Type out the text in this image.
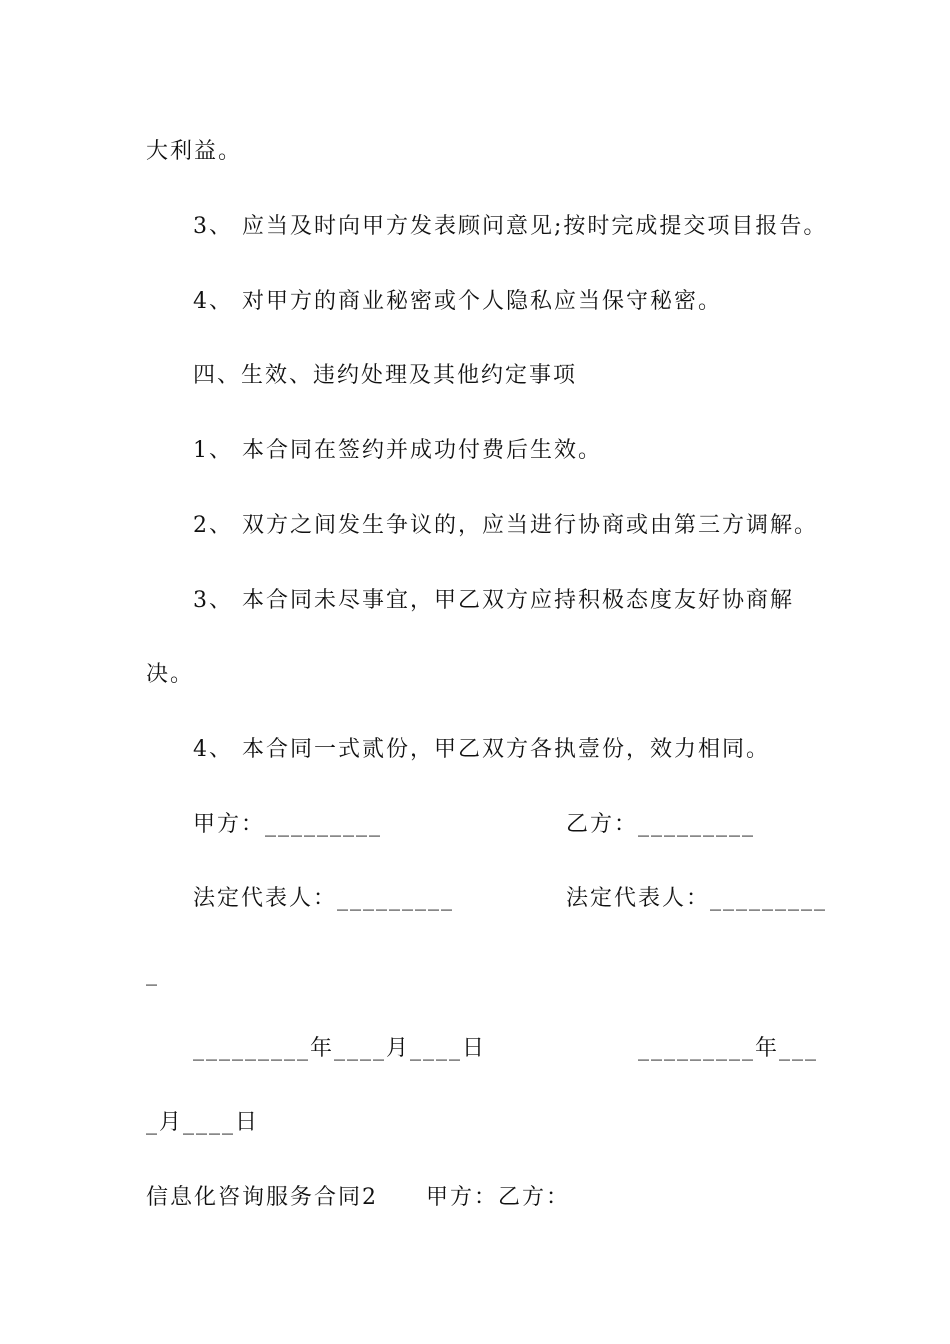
大利益。
3、 应当及时向甲方发表顾问意见;按时完成提交项目报告。
4、 对甲方的商业秘密或个人隐私应当保守秘密。
四、生效、违约处理及其他约定事项
1、 本合同在签约并成功付费后生效。
2、 双方之间发生争议的，应当进行协商或由第三方调解。
3、 本合同未尽事宜，甲乙双方应持积极态度友好协商解
决。
4、 本合同一式贰份，甲乙双方各执壹份，效力相同。
甲方：_________	乙方：_________
法定代表人：_________	法定代表人：_________
_
_________年____月____日	_________年___
_月____日
信息化咨询服务合同2　　甲方：乙方：
